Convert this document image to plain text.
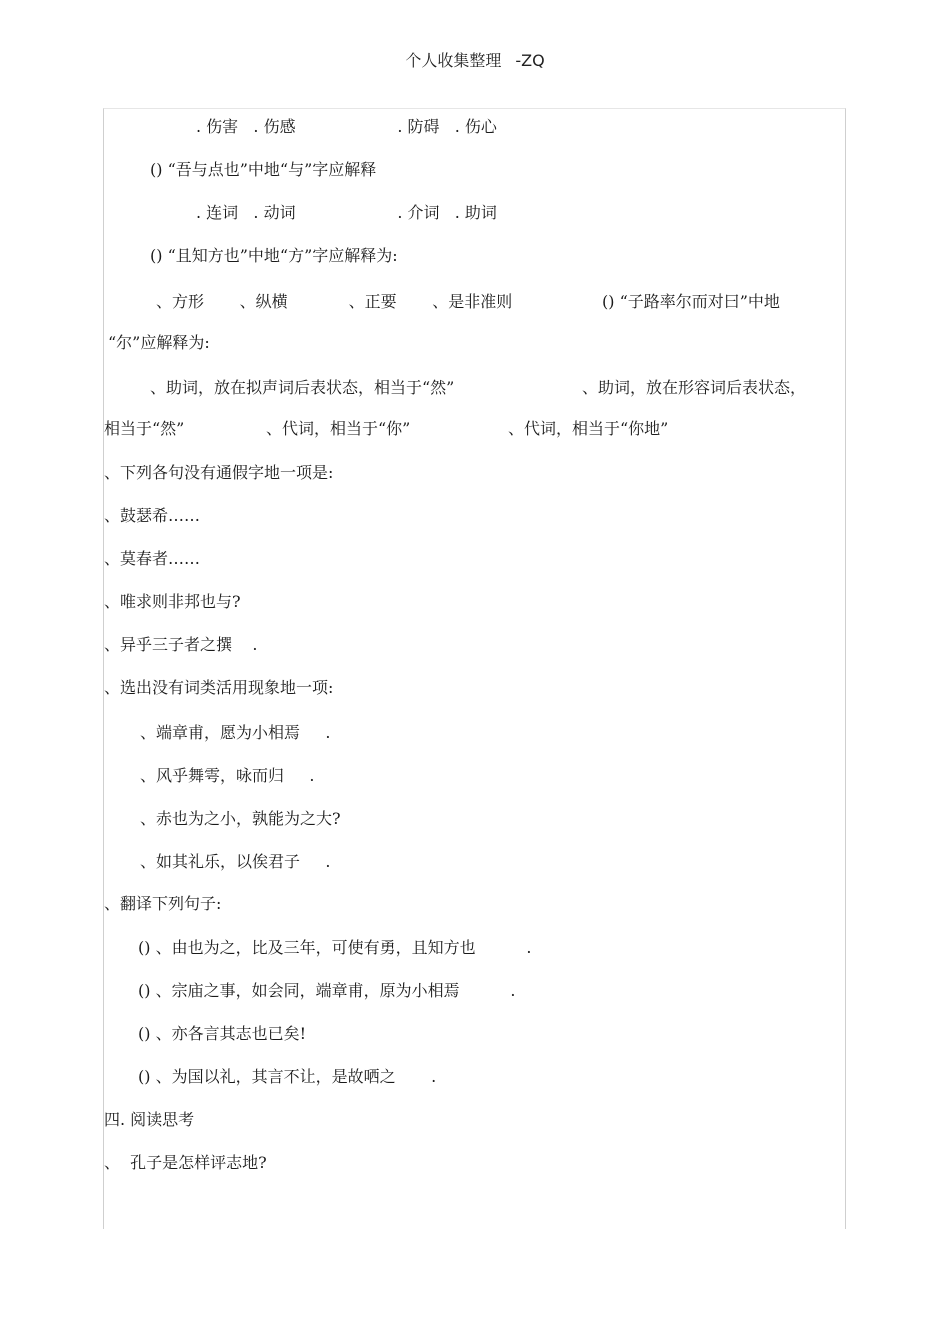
个人收集整理 -ZQ
. 伤害   . 伤感                    . 防碍   . 伤心
() “吾与点也”中地“与”字应解释
. 连词   . 动词                    . 介词   . 助词
() “且知方也”中地“方”字应解释为:
、方形       、纵横            、正要       、是非准则	() “子路率尔而对曰”中地
“尔”应解释为:
、助词，放在拟声词后表状态，相当于“然”	、助词，放在形容词后表状态，
相当于“然”	、代词，相当于“你”	、代词，相当于“你地”
、下列各句没有通假字地一项是:
、鼓瑟希……
、莫春者……
、唯求则非邦也与?
、异乎三子者之撰    .
、选出没有词类活用现象地一项:
、端章甫，愿为小相焉     .
、风乎舞雩，咏而归     .
、赤也为之小，孰能为之大?
、如其礼乐，以俟君子     .
、翻译下列句子:
() 、由也为之，比及三年，可使有勇，且知方也          .
() 、宗庙之事，如会同，端章甫，原为小相焉          .
() 、亦各言其志也已矣!
() 、为国以礼，其言不让，是故哂之       .
四. 阅读思考
、  孔子是怎样评志地?
